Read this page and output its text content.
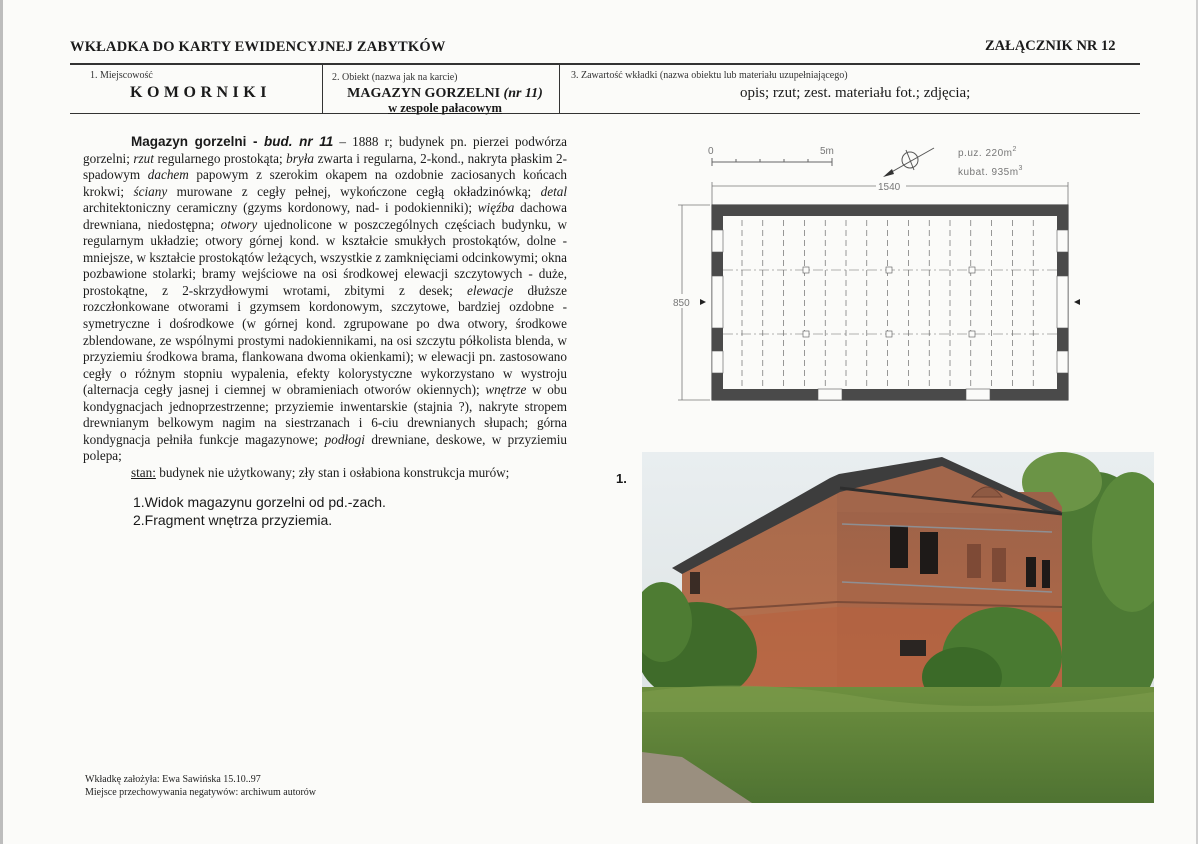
WKŁADKA DO KARTY EWIDENCYJNEJ ZABYTKÓW	ZAŁĄCZNIK NR 12
1. Miejscowość
KOMORNIKI
2. Obiekt (nazwa jak na karcie)
MAGAZYN GORZELNI (nr 11)
w zespole pałacowym
3. Zawartość wkładki (nazwa obiektu lub materiału uzupełniającego)
opis; rzut; zest. materiału fot.; zdjęcia;
Magazyn gorzelni - bud. nr 11 – 1888 r; budynek pn. pierzei podwórza gorzelni; rzut regularnego prostokąta; bryła zwarta i regularna, 2-kond., nakryta płaskim 2-spadowym dachem papowym z szerokim okapem na ozdobnie zaciosanych końcach krokwi; ściany murowane z cegły pełnej, wykończone cegłą okładzinówką; detal architektoniczny ceramiczny (gzyms kordonowy, nad- i podokienniki); więźba dachowa drewniana, niedostępna; otwory ujednolicone w poszczególnych częściach budynku, w regularnym układzie; otwory górnej kond. w kształcie smukłych prostokątów, dolne - mniejsze, w kształcie prostokątów leżących, wszystkie z zamknięciami odcinkowymi; okna pozbawione stolarki; bramy wejściowe na osi środkowej elewacji szczytowych - duże, prostokątne, z 2-skrzydłowymi wrotami, zbitymi z desek; elewacje dłuższe rozczłonkowane otworami i gzymsem kordonowym, szczytowe, bardziej ozdobne - symetryczne i dośrodkowe (w górnej kond. zgrupowane po dwa otwory, środkowe zblendowane, ze wspólnymi prostymi nadokiennikami, na osi szczytu półkolista blenda, w przyziemiu środkowa brama, flankowana dwoma okienkami); w elewacji pn. zastosowano cegły o różnym stopniu wypalenia, efekty kolorystyczne wykorzystano w wystroju (alternacja cegły jasnej i ciemnej w obramieniach otworów okiennych); wnętrze w obu kondygnacjach jednoprzestrzenne; przyziemie inwentarskie (stajnia ?), nakryte stropem drewnianym belkowym nagim na siestrzanach i 6-ciu drewnianych słupach; górna kondygnacja pełniła funkcje magazynowe; podłogi drewniane, deskowe, w przyziemiu polepa;
stan: budynek nie użytkowany; zły stan i osłabiona konstrukcja murów;
1.Widok magazynu gorzelni od pd.-zach.
2.Fragment wnętrza przyziemia.
0	5m	p.uz. $220m^2$
kubat. $935m^3$
1540
850
1.
Wkładkę założyła: Ewa Sawińska 15.10..97
Miejsce przechowywania negatywów: archiwum autorów
